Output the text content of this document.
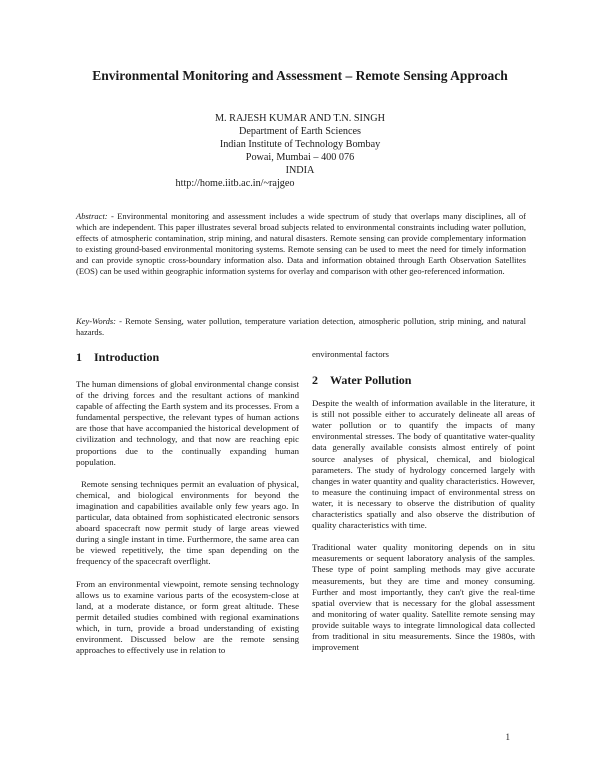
Environmental Monitoring and Assessment – Remote Sensing Approach
M. RAJESH KUMAR AND T.N. SINGH
Department of Earth Sciences
Indian Institute of Technology Bombay
Powai, Mumbai – 400 076
INDIA
http://home.iitb.ac.in/~rajgeo
Abstract: - Environmental monitoring and assessment includes a wide spectrum of study that overlaps many disciplines, all of which are independent. This paper illustrates several broad subjects related to environmental constraints including water pollution, effects of atmospheric contamination, strip mining, and natural disasters. Remote sensing can provide complementary information to existing ground-based environmental monitoring systems. Remote sensing can be used to meet the need for timely information and can provide synoptic cross-boundary information also. Data and information obtained through Earth Observation Satellites (EOS) can be used within geographic information systems for overlay and comparison with other geo-referenced information.
Key-Words: - Remote Sensing, water pollution, temperature variation detection, atmospheric pollution, strip mining, and natural hazards.
1 Introduction

The human dimensions of global environmental change consist of the driving forces and the resultant actions of mankind capable of affecting the Earth system and its processes. From a fundamental perspective, the relevant types of human actions are those that have accompanied the historical development of civilization and technology, and that now are reaching epic proportions due to the continually expanding human population.

Remote sensing techniques permit an evaluation of physical, chemical, and biological environments for beyond the imagination and capabilities available only few years ago. In particular, data obtained from sophisticated electronic sensors aboard spacecraft now permit study of large areas viewed during a single instant in time. Furthermore, the same area can be viewed repetitively, the time span depending on the frequency of the spacecraft overflight.

From an environmental viewpoint, remote sensing technology allows us to examine various parts of the ecosystem-close at land, at a moderate distance, or form great altitude. These permit detailed studies combined with regional examinations which, in turn, provide a broad understanding of existing environment. Discussed below are the remote sensing approaches to effectively use in relation to

environmental factors

2 Water Pollution

Despite the wealth of information available in the literature, it is still not possible either to accurately delineate all areas of water pollution or to quantify the impacts of many environmental stresses. The body of quantitative water-quality data generally available consists almost entirely of point source analyses of physical, chemical, and biological parameters. The study of hydrology concerned largely with changes in water quantity and quality characteristics. However, to measure the continuing impact of environmental stress on water, it is necessary to observe the distribution of quality characteristics spatially and also observe the distribution of quality characteristics with time.

Traditional water quality monitoring depends on in situ measurements or sequent laboratory analysis of the samples. These type of point sampling methods may give accurate measurements, but they are time and money consuming. Further and most importantly, they can't give the real-time spatial overview that is necessary for the global assessment and monitoring of water quality. Satellite remote sensing may provide suitable ways to integrate limnological data collected from traditional in situ measurements. Since the 1980s, with improvement

1
